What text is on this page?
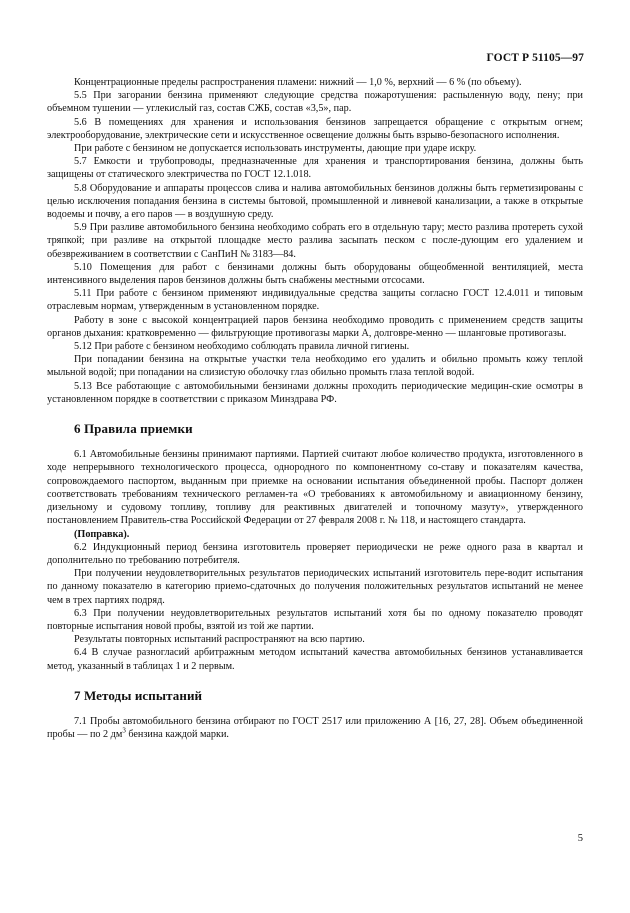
ГОСТ Р 51105—97

Концентрационные пределы распространения пламени: нижний — 1,0 %, верхний — 6 % (по объему).

5.5 При загорании бензина применяют следующие средства пожаротушения: распыленную воду, пену; при объемном тушении — углекислый газ, состав СЖБ, состав «3,5», пар.

5.6 В помещениях для хранения и использования бензинов запрещается обращение с открытым огнем; электрооборудование, электрические сети и искусственное освещение должны быть взрыво-безопасного исполнения.

При работе с бензином не допускается использовать инструменты, дающие при ударе искру.

5.7 Емкости и трубопроводы, предназначенные для хранения и транспортирования бензина, должны быть защищены от статического электричества по ГОСТ 12.1.018.

5.8 Оборудование и аппараты процессов слива и налива автомобильных бензинов должны быть герметизированы с целью исключения попадания бензина в системы бытовой, промышленной и ливневой канализации, а также в открытые водоемы и почву, а его паров — в воздушную среду.

5.9 При разливе автомобильного бензина необходимо собрать его в отдельную тару; место разлива протереть сухой тряпкой; при разливе на открытой площадке место разлива засыпать песком с после-дующим его удалением и обезвреживанием в соответствии с СанПиН № 3183—84.

5.10 Помещения для работ с бензинами должны быть оборудованы общеобменной вентиляцией, места интенсивного выделения паров бензинов должны быть снабжены местными отсосами.

5.11 При работе с бензином применяют индивидуальные средства защиты согласно ГОСТ 12.4.011 и типовым отраслевым нормам, утвержденным в установленном порядке.

Работу в зоне с высокой концентрацией паров бензина необходимо проводить с применением средств защиты органов дыхания: кратковременно — фильтрующие противогазы марки А, долговре-менно — шланговые противогазы.

5.12 При работе с бензином необходимо соблюдать правила личной гигиены.

При попадании бензина на открытые участки тела необходимо его удалить и обильно промыть кожу теплой мыльной водой; при попадании на слизистую оболочку глаз обильно промыть глаза теплой водой.

5.13 Все работающие с автомобильными бензинами должны проходить периодические медицин-ские осмотры в установленном порядке в соответствии с приказом Минздрава РФ.

6 Правила приемки

6.1 Автомобильные бензины принимают партиями. Партией считают любое количество продукта, изготовленного в ходе непрерывного технологического процесса, однородного по компонентному со-ставу и показателям качества, сопровождаемого паспортом, выданным при приемке на основании испытания объединенной пробы. Паспорт должен соответствовать требованиям технического регламен-та «О требованиях к автомобильному и авиационному бензину, дизельному и судовому топливу, топливу для реактивных двигателей и топочному мазуту», утвержденного постановлением Правитель-ства Российской Федерации от 27 февраля 2008 г. № 118, и настоящего стандарта.

(Поправка).

6.2 Индукционный период бензина изготовитель проверяет периодически не реже одного раза в квартал и дополнительно по требованию потребителя.

При получении неудовлетворительных результатов периодических испытаний изготовитель пере-водит испытания по данному показателю в категорию приемо-сдаточных до получения положительных результатов испытаний не менее чем в трех партиях подряд.

6.3 При получении неудовлетворительных результатов испытаний хотя бы по одному показателю проводят повторные испытания новой пробы, взятой из той же партии.

Результаты повторных испытаний распространяют на всю партию.

6.4 В случае разногласий арбитражным методом испытаний качества автомобильных бензинов устанавливается метод, указанный в таблицах 1 и 2 первым.

7 Методы испытаний

7.1 Пробы автомобильного бензина отбирают по ГОСТ 2517 или приложению А [16, 27, 28]. Объем объединенной пробы — по 2 $дм^3$ бензина каждой марки.

5
